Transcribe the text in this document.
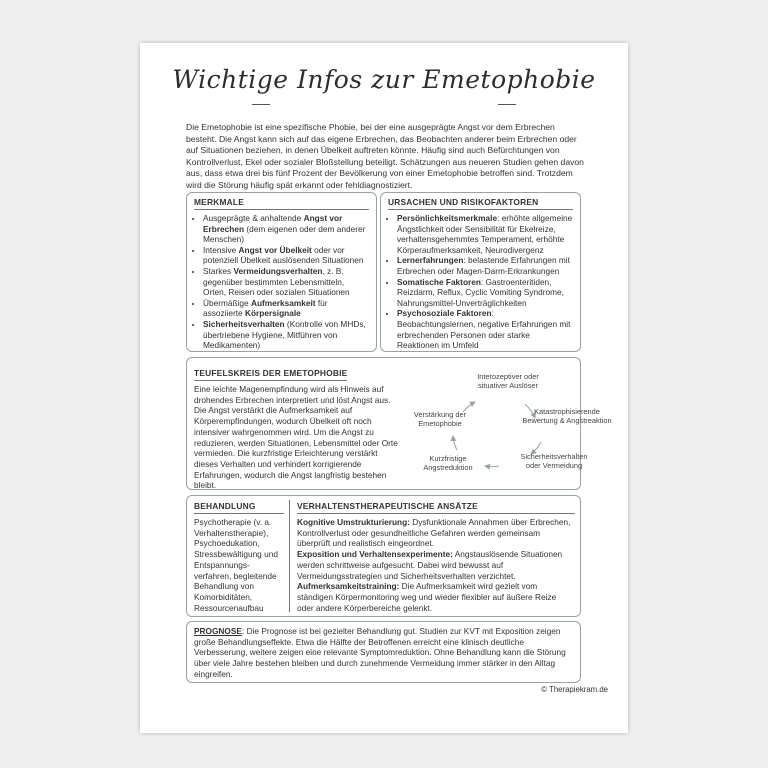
Wichtige Infos zur Emetophobie

Die Emetophobie ist eine spezifische Phobie, bei der eine ausgeprägte Angst vor dem Erbrechen besteht. Die Angst kann sich auf das eigene Erbrechen, das Beobachten anderer beim Erbrechen oder auf Situationen beziehen, in denen Übelkeit auftreten könnte. Häufig sind auch Befürchtungen von Kontrollverlust, Ekel oder sozialer Bloßstellung beteiligt. Schätzungen aus neueren Studien gehen davon aus, dass etwa drei bis fünf Prozent der Bevölkerung von einer Emetophobie betroffen sind. Trotzdem wird die Störung häufig spät erkannt oder fehldiagnostiziert.

MERKMALE
• Ausgeprägte & anhaltende Angst vor Erbrechen (dem eigenen oder dem anderer Menschen)
• Intensive Angst vor Übelkeit oder vor potenziell Übelkeit auslösenden Situationen
• Starkes Vermeidungsverhalten, z. B. gegenüber bestimmten Lebensmitteln, Orten, Reisen oder sozialen Situationen
• Übermäßige Aufmerksamkeit für assoziierte Körpersignale
• Sicherheitsverhalten (Kontrolle von MHDs, übertriebene Hygiene, Mitführen von Medikamenten)
URSACHEN UND RISIKOFAKTOREN
• Persönlichkeitsmerkmale: erhöhte allgemeine Ängstlichkeit oder Sensibilität für Ekelreize, verhaltensgehemmtes Temperament, erhöhte Körperaufmerksamkeit, Neurodivergenz
• Lernerfahrungen: belastende Erfahrungen mit Erbrechen oder Magen-Darm-Erkrankungen
• Somatische Faktoren: Gastroenteritiden, Reizdarm, Reflux, Cyclic Vomiting Syndrome, Nahrungsmittel-Unverträglichkeiten
• Psychosoziale Faktoren: Beobachtungslernen, negative Erfahrungen mit erbrechenden Personen oder starke Reaktionen im Umfeld
TEUFELSKREIS DER EMETOPHOBIE

Eine leichte Magenempfindung wird als Hinweis auf drohendes Erbrechen interpretiert und löst Angst aus. Die Angst verstärkt die Aufmerksamkeit auf Körperempfindungen, wodurch Übelkeit oft noch intensiver wahrgenommen wird. Um die Angst zu reduzieren, werden Situationen, Lebensmittel oder Orte vermieden. Die kurzfristige Erleichterung verstärkt dieses Verhalten und verhindert korrigierende Erfahrungen, wodurch die Angst langfristig bestehen bleibt.

Interozeptiver oder situativer Auslöser
Katastrophisierende Bewertung & Angstreaktion
Sicherheitsverhalten oder Vermeidung
Kurzfristige Angstreduktion
Verstärkung der Emetophobie
BEHANDLUNG

Psychotherapie (v. a. Verhaltenstherapie), Psychoedukation, Stressbewältigung und Entspannungs-verfahren, begleitende Behandlung von Komorbiditäten, Ressourcenaufbau

VERHALTENSTHERAPEUTISCHE ANSÄTZE

Kognitive Umstrukturierung: Dysfunktionale Annahmen über Erbrechen, Kontrollverlust oder gesundheitliche Gefahren werden gemeinsam überprüft und realistisch eingeordnet.

Exposition und Verhaltensexperimente: Angstauslösende Situationen werden schrittweise aufgesucht. Dabei wird bewusst auf Vermeidungsstrategien und Sicherheitsverhalten verzichtet.

Aufmerksamkeitstraining: Die Aufmerksamkeit wird gezielt vom ständigen Körpermonitoring weg und wieder flexibler auf äußere Reize oder andere Körperbereiche gelenkt.

PROGNOSE: Die Prognose ist bei gezielter Behandlung gut. Studien zur KVT mit Exposition zeigen große Behandlungseffekte. Etwa die Hälfte der Betroffenen erreicht eine klinisch deutliche Verbesserung, weitere zeigen eine relevante Symptomreduktion. Ohne Behandlung kann die Störung über viele Jahre bestehen bleiben und durch zunehmende Vermeidung immer stärker in den Alltag eingreifen.

© Therapiekram.de
